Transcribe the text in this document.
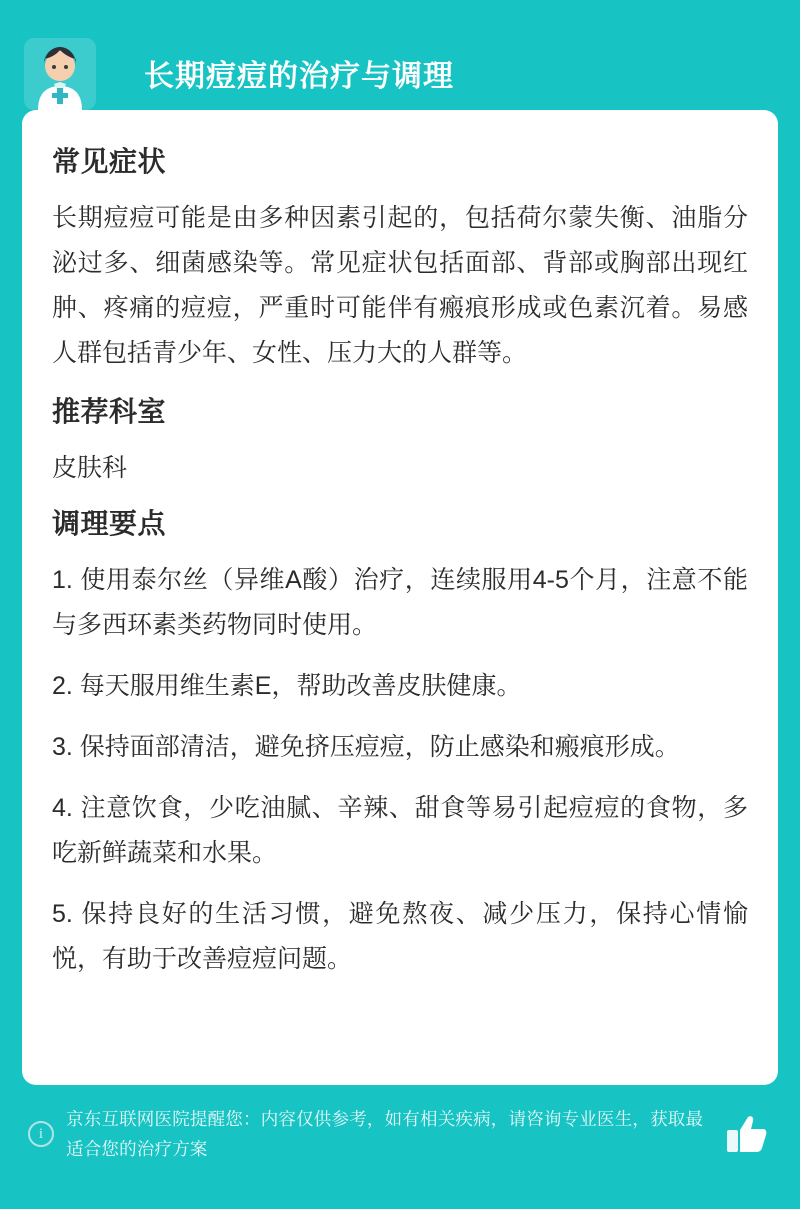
长期痘痘的治疗与调理
常见症状

长期痘痘可能是由多种因素引起的，包括荷尔蒙失衡、油脂分泌过多、细菌感染等。常见症状包括面部、背部或胸部出现红肿、疼痛的痘痘，严重时可能伴有瘢痕形成或色素沉着。易感人群包括青少年、女性、压力大的人群等。

推荐科室

皮肤科

调理要点
1. 使用泰尔丝（异维A酸）治疗，连续服用4-5个月，注意不能与多西环素类药物同时使用。
2. 每天服用维生素E，帮助改善皮肤健康。
3. 保持面部清洁，避免挤压痘痘，防止感染和瘢痕形成。
4. 注意饮食，少吃油腻、辛辣、甜食等易引起痘痘的食物，多吃新鲜蔬菜和水果。
5. 保持良好的生活习惯，避免熬夜、减少压力，保持心情愉悦，有助于改善痘痘问题。
i
京东互联网医院提醒您：内容仅供参考，如有相关疾病，请咨询专业医生，获取最适合您的治疗方案
